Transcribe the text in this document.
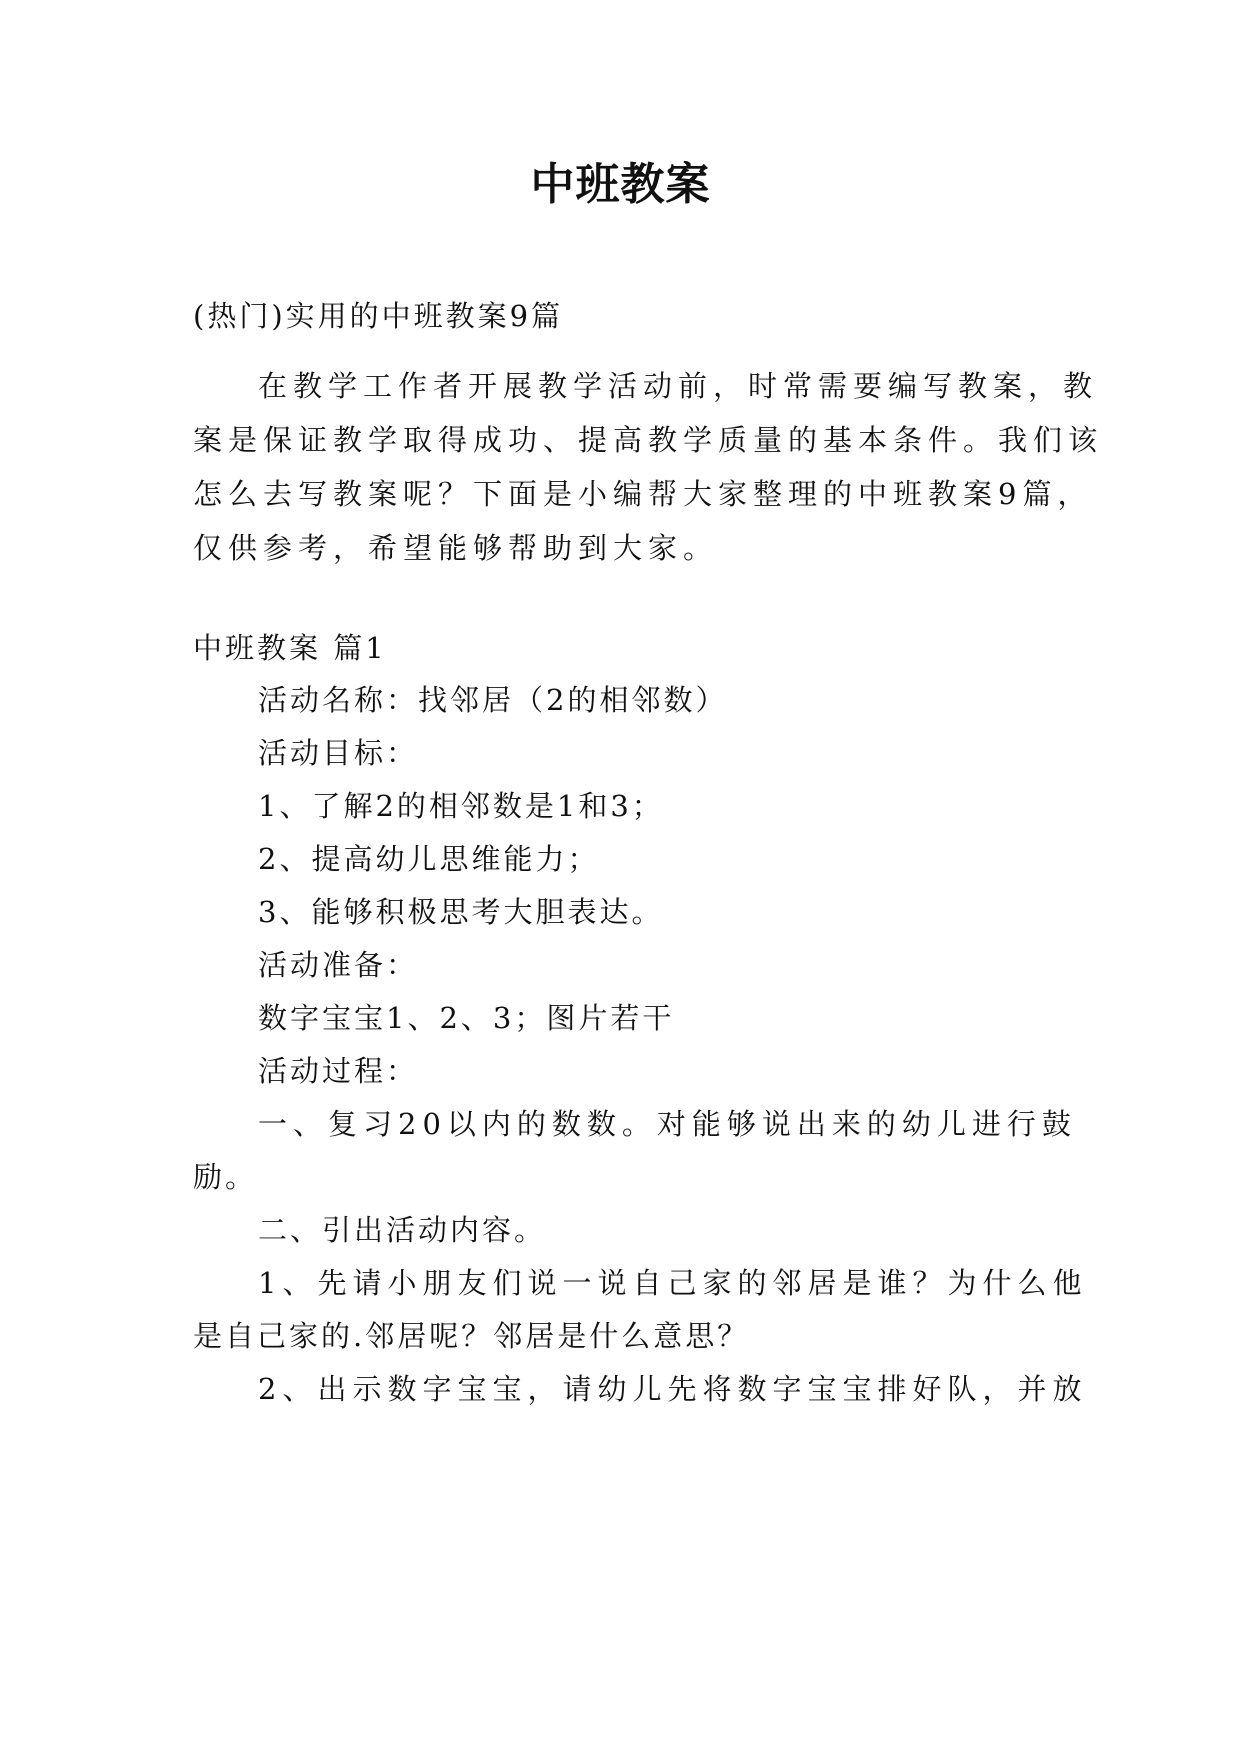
中班教案
(热门)实用的中班教案9篇
在教学工作者开展教学活动前，时常需要编写教案，教
案是保证教学取得成功、提高教学质量的基本条件。我们该
怎么去写教案呢？下面是小编帮大家整理的中班教案9篇，
仅供参考，希望能够帮助到大家。
中班教案 篇1
活动名称：找邻居（2的相邻数）
活动目标：
1、了解2的相邻数是1和3；
2、提高幼儿思维能力；
3、能够积极思考大胆表达。
活动准备：
数字宝宝1、2、3；图片若干
活动过程：
一、复习20以内的数数。对能够说出来的幼儿进行鼓
励。
二、引出活动内容。
1、先请小朋友们说一说自己家的邻居是谁？为什么他
是自己家的.邻居呢？邻居是什么意思？
2、出示数字宝宝，请幼儿先将数字宝宝排好队，并放
